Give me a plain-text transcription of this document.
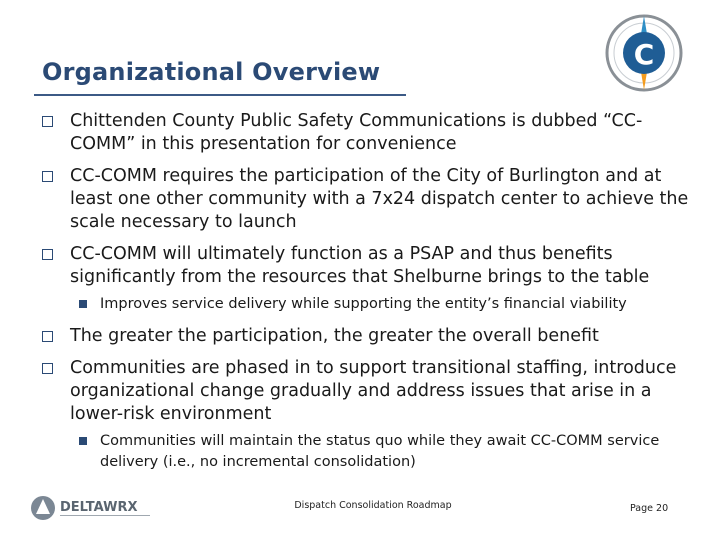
Organizational Overview
C
Chittenden County Public Safety Communications is dubbed “CC-COMM” in this presentation for convenience
CC-COMM requires the participation of the City of Burlington and at least one other community with a 7x24 dispatch center to achieve the scale necessary to launch
CC-COMM will ultimately function as a PSAP and thus benefits significantly from the resources that Shelburne brings to the table
Improves service delivery while supporting the entity’s financial viability
The greater the participation, the greater the overall benefit
Communities are phased in to support transitional staffing, introduce organizational change gradually and address issues that arise in a lower-risk environment
Communities will maintain the status quo while they await CC-COMM service delivery (i.e., no incremental consolidation)
DELTAWRX	Dispatch Consolidation Roadmap	Page 20
